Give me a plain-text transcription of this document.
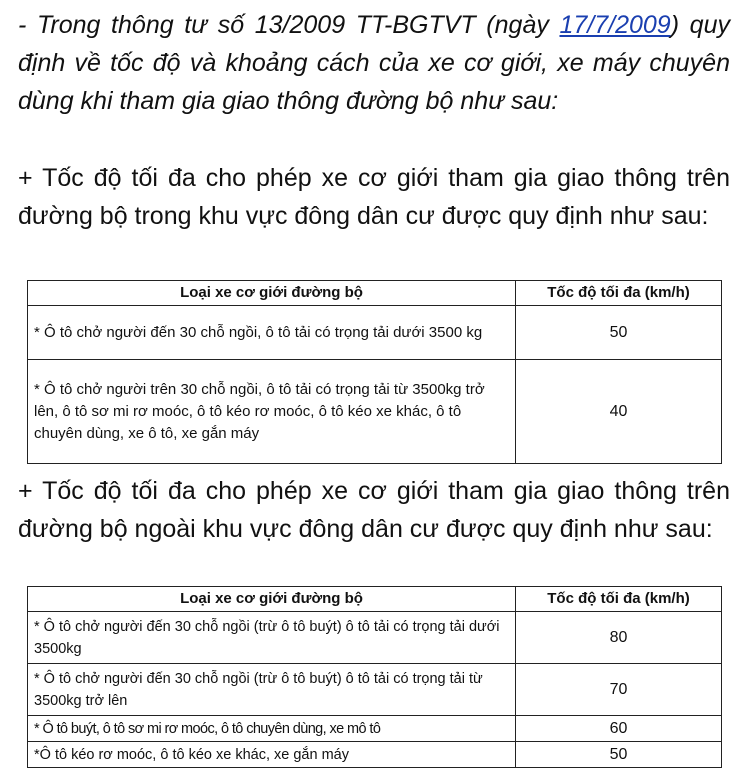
- Trong thông tư số 13/2009 TT-BGTVT (ngày 17/7/2009) quy định về tốc độ và khoảng cách của xe cơ giới, xe máy chuyên dùng khi tham gia giao thông đường bộ như sau:

+ Tốc độ tối đa cho phép xe cơ giới tham gia giao thông trên đường bộ trong khu vực đông dân cư được quy định như sau:

Loại xe cơ giới đường bộ	Tốc độ tối đa (km/h)
* Ô tô chở người đến 30 chỗ ngồi, ô tô tải có trọng tải dưới 3500 kg	50
* Ô tô chở người trên 30 chỗ ngồi, ô tô tải có trọng tải từ 3500kg trở lên, ô tô sơ mi rơ moóc, ô tô kéo rơ moóc, ô tô kéo xe khác, ô tô chuyên dùng, xe ô tô, xe gắn máy	40

+ Tốc độ tối đa cho phép xe cơ giới tham gia giao thông trên đường bộ ngoài khu vực đông dân cư được quy định như sau:

Loại xe cơ giới đường bộ	Tốc độ tối đa (km/h)
* Ô tô chở người đến 30 chỗ ngồi (trừ ô tô buýt) ô tô tải có trọng tải dưới 3500kg	80
* Ô tô chở người đến 30 chỗ ngồi (trừ ô tô buýt) ô tô tải có trọng tải từ 3500kg trở lên	70
* Ô tô buýt, ô tô sơ mi rơ moóc, ô tô chuyên dùng, xe mô tô	60
*Ô tô kéo rơ moóc, ô tô kéo xe khác, xe gắn máy	50
